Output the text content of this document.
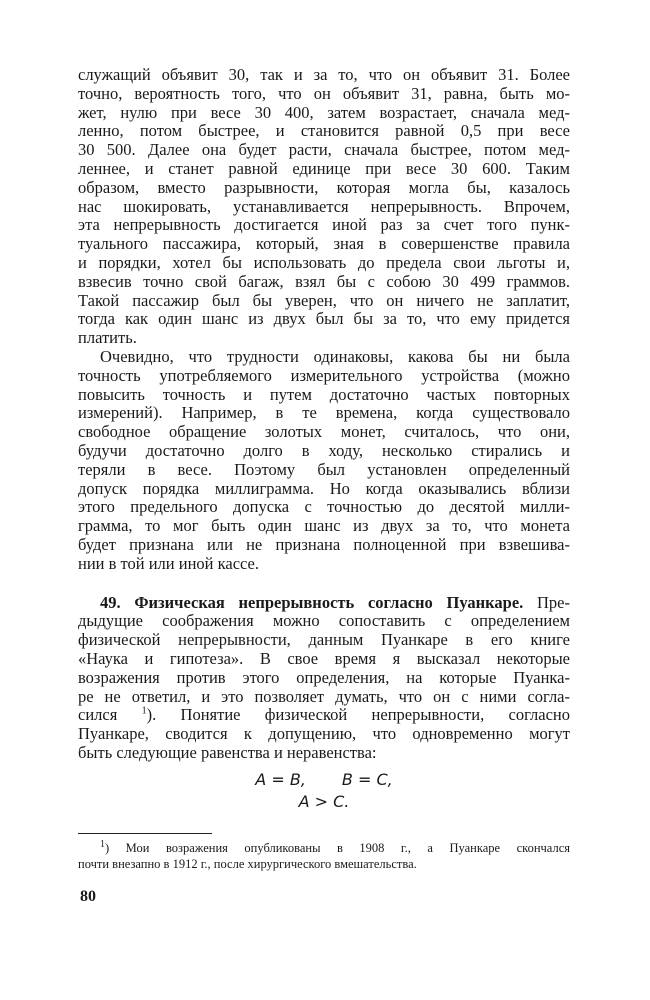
служащий объявит 30, так и за то, что он объявит 31. Более
точно, вероятность того, что он объявит 31, равна, быть мо-
жет, нулю при весе 30 400, затем возрастает, сначала мед-
ленно, потом быстрее, и становится равной 0,5 при весе
30 500. Далее она будет расти, сначала быстрее, потом мед-
леннее, и станет равной единице при весе 30 600. Таким
образом, вместо разрывности, которая могла бы, казалось
нас шокировать, устанавливается непрерывность. Впрочем,
эта непрерывность достигается иной раз за счет того пунк-
туального пассажира, который, зная в совершенстве правила
и порядки, хотел бы использовать до предела свои льготы и,
взвесив точно свой багаж, взял бы с собою 30 499 граммов.
Такой пассажир был бы уверен, что он ничего не заплатит,
тогда как один шанс из двух был бы за то, что ему придется
платить.
Очевидно, что трудности одинаковы, какова бы ни была
точность употребляемого измерительного устройства (можно
повысить точность и путем достаточно частых повторных
измерений). Например, в те времена, когда существовало
свободное обращение золотых монет, считалось, что они,
будучи достаточно долго в ходу, несколько стирались и
теряли в весе. Поэтому был установлен определенный
допуск порядка миллиграмма. Но когда оказывались вблизи
этого предельного допуска с точностью до десятой милли-
грамма, то мог быть один шанс из двух за то, что монета
будет признана или не признана полноценной при взвешива-
нии в той или иной кассе.
49. Физическая непрерывность согласно Пуанкаре. Пре-
дыдущие соображения можно сопоставить с определением
физической непрерывности, данным Пуанкаре в его книге
«Наука и гипотеза». В свое время я высказал некоторые
возражения против этого определения, на которые Пуанка-
ре не ответил, и это позволяет думать, что он с ними согла-
сился $^1$). Понятие физической непрерывности, согласно
Пуанкаре, сводится к допущению, что одновременно могут
быть следующие равенства и неравенства:
A = B, B = C,
A > C.
$^1$) Мои возражения опубликованы в 1908 г., а Пуанкаре скончался
почти внезапно в 1912 г., после хирургического вмешательства.
80
